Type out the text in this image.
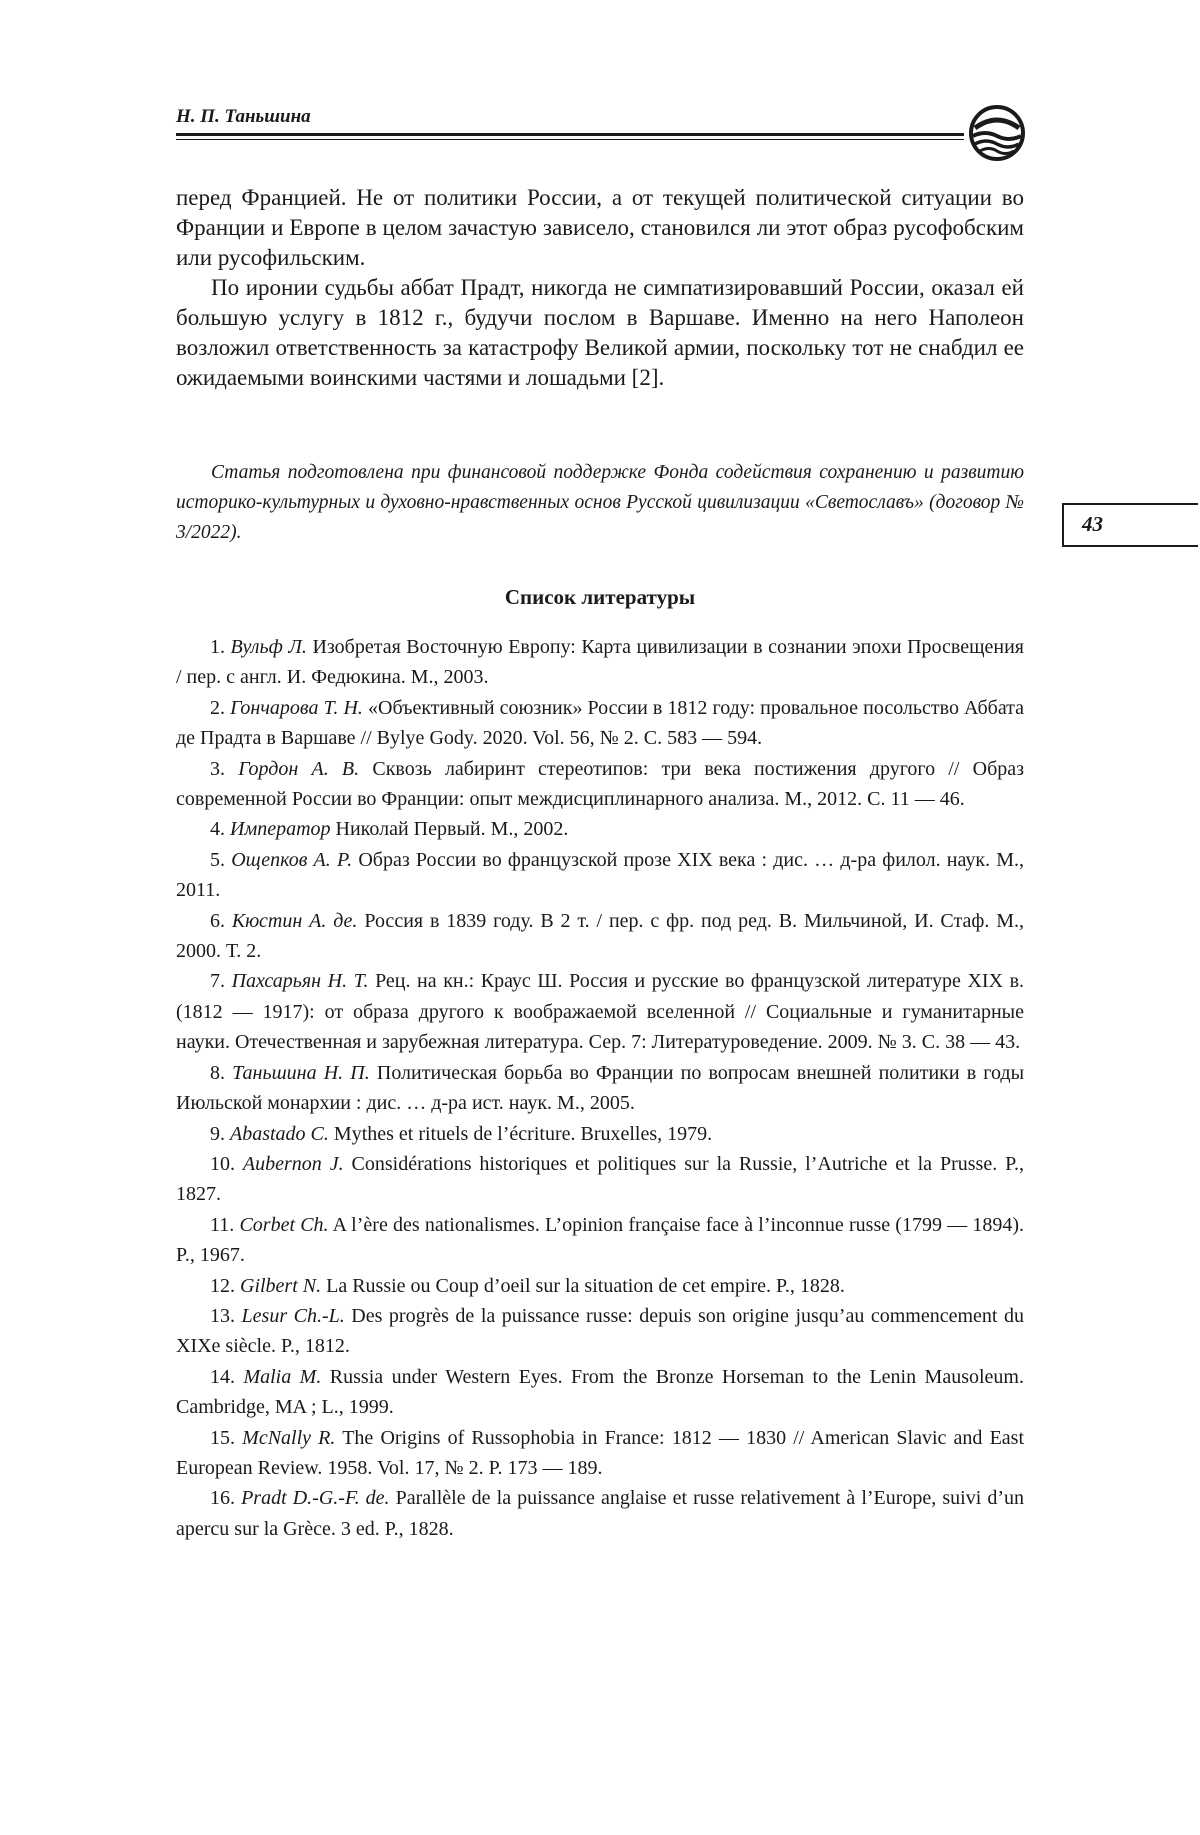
Н. П. Таньшина

перед Францией. Не от политики России, а от текущей политической ситуации во Франции и Европе в целом зачастую зависело, становился ли этот образ русофобским или русофильским.

По иронии судьбы аббат Прадт, никогда не симпатизировавший России, оказал ей большую услугу в 1812 г., будучи послом в Варшаве. Именно на него Наполеон возложил ответственность за катастрофу Великой армии, поскольку тот не снабдил ее ожидаемыми воинскими частями и лошадьми [2].

Статья подготовлена при финансовой поддержке Фонда содействия сохранению и развитию историко-культурных и духовно-нравственных основ Русской цивилизации «Светославъ» (договор № 3/2022).	43
Список литературы

1. Вульф Л. Изобретая Восточную Европу: Карта цивилизации в сознании эпохи Просвещения / пер. с англ. И. Федюкина. М., 2003.

2. Гончарова Т. Н. «Объективный союзник» России в 1812 году: провальное посольство Аббата де Прадта в Варшаве // Bylye Gody. 2020. Vol. 56, № 2. С. 583 — 594.

3. Гордон А. В. Сквозь лабиринт стереотипов: три века постижения другого // Образ современной России во Франции: опыт междисциплинарного анализа. М., 2012. С. 11 — 46.

4. Император Николай Первый. М., 2002.

5. Ощепков А. Р. Образ России во французской прозе XIX века : дис. … д-ра филол. наук. М., 2011.

6. Кюстин А. де. Россия в 1839 году. В 2 т. / пер. с фр. под ред. В. Мильчиной, И. Стаф. М., 2000. Т. 2.

7. Пахсарьян Н. Т. Рец. на кн.: Краус Ш. Россия и русские во французской литературе XIX в. (1812 — 1917): от образа другого к воображаемой вселенной // Социальные и гуманитарные науки. Отечественная и зарубежная литература. Сер. 7: Литературоведение. 2009. № 3. С. 38 — 43.

8. Таньшина Н. П. Политическая борьба во Франции по вопросам внешней политики в годы Июльской монархии : дис. … д-ра ист. наук. М., 2005.

9. Abastado C. Mythes et rituels de l’écriture. Bruxelles, 1979.

10. Aubernon J. Considérations historiques et politiques sur la Russie, l’Autriche et la Prusse. P., 1827.

11. Corbet Ch. A l’ère des nationalismes. L’opinion française face à l’inconnue russe (1799 — 1894). P., 1967.

12. Gilbert N. La Russie ou Coup d’oeil sur la situation de cet empire. P., 1828.

13. Lesur Ch.-L. Des progrès de la puissance russe: depuis son origine jusqu’au commencement du XIXe siècle. P., 1812.

14. Malia M. Russia under Western Eyes. From the Bronze Horseman to the Lenin Mausoleum. Cambridge, MA ; L., 1999.

15. McNally R. The Origins of Russophobia in France: 1812 — 1830 // American Slavic and East European Review. 1958. Vol. 17, № 2. P. 173 — 189.

16. Pradt D.-G.-F. de. Parallèle de la puissance anglaise et russe relativement à l’Europe, suivi d’un apercu sur la Grèce. 3 ed. P., 1828.
